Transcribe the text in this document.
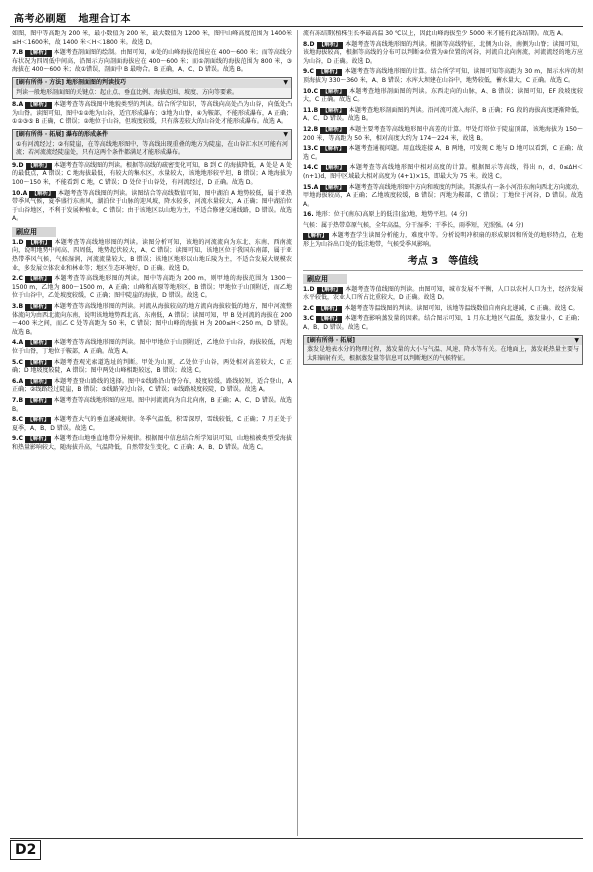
高考必刷题 地理合订本
如图，图中等高距为 200 米，最小数值为 200 米，最大数值为 1200 米，图中山峰高度范围为 1400米≤H＜1600米，故 1400 米＜H＜1800 米。故选 D。
7.B 【解析】 本题考查剖面图的绘制。由图可知，④处的山峰海拔范围应在 400～600 米；而等高线分布状况为四周低中间高，沿图示方向剖面海拔应在 400～600 米；而①剖面线的海拔范围为 800 米，③海拔在 400～600 米；故①错误，剖面中 B 最吻合。B 正确，A、C、D 错误。故选 B。
[刷有所得 · 方法] 地形剖面图的判读技巧	▼
判读一般地形剖面图的关键点：起止点、垂直比例、海拔范围、坡度、方向等要素。
8.A 【解析】 本题考查等高线图中地貌类型的判读。结合所学知识，等高线向高处凸为山谷，向低处凸为山脊。读图可知，图中①②地为山谷，适宜形成瀑布；③地为山脊，④为鞍部，不能形成瀑布，A 正确；①②③⑤ B 正确，C 错误；②地位于山谷，但坡度较缓，只有落差较大的山谷处才能形成瀑布。故选 A。
[刷有所得 · 拓展] 瀑布的形成条件	▼
①有河流经过；②有陡崖，在等高线地形图中，等高线出现重叠的地方为陡崖，在山谷汇水区可能有河流；若河流流经陡崖处，只有这两个条件都满足才能形成瀑布。
9.D 【解析】 本题考查等高线图的判读。根据等高线的疏密变化可知，B 到 C 的海拔降低，A 处是 A 处的最低点，A 错误；C 地海拔最低，有较大的集水区，水量较大，该地地形较平坦，B 错误；A 地海拔为 100～150 米，不能看到 C 地，C 错误；D 处位于山谷处，有河流经过，D 正确。故选 D。
10.A 【解析】 本题考查等高线图的判读。读图结合等高线数值可知，图中湖泊 A 地势较低，属于亚热带季风气候，夏季盛行东南风，湖泊位于山脉的迎风坡，降水较多，河流水量较大，A 正确；图中湖泊位于山谷地区，不利于发展种植业，C 错误；由于该地区以山地为主，不适合修建交通线路，D 错误。故选 A。
刷应用
1.D 【解析】 本题考查等高线地形图的判读。读图分析可知，该地的河流流向为东北、东南、西南流向，说明地势中间高、四周低，地势起伏较大，A、C 错误；读图可知，该地区位于我国东南部，属于亚热带季风气候，气候湿润，河流流量较大，B 错误；该地区地形以山地丘陵为主，不适合发展大规模农业，多发展立体农业和林业等；地区生态环境好，D 正确。故选 D。
2.C 【解析】 本题考查等高线地形图的判读。图中等高距为 200 m，则甲地的海拔范围为 1300～1500 m，乙地为 800～1500 m，A 正确；山峰和高原等地形区，B 错误；甲地位于山顶附近，而乙地位于山谷中，乙处坡度较缓，C 正确；图中陡崖的海拔，D 错误。故选 C。
3.B 【解析】 本题考查等高线地形图的判读。河流从海拔较高的地方流向海拔较低的地方，图中河流整体流向为由西北流向东南，说明该地地势西北高、东南低，A 错误；读图可知，甲 B 处河流的海拔在 200～400 米之间，而乙 C 处等高距为 50 米，C 错误；图中山峰的海拔 H 为 200≤H＜250 m，D 错误。故选 B。
4.A 【解析】 本题考查等高线地形图的判读。图中甲地位于山顶附近，乙地位于山谷，海拔较低，丙地位于山脊，丁地位于鞍部，A 正确。故选 A。
5.C 【解析】 本题考查观光索道选址的判断。甲处为山顶，乙处位于山谷，两处相对高差较大，C 正确；D 地坡度较陡，A 错误；图中两处山峰相距较远，B 错误；故选 C。
6.A 【解析】 本题考查登山路线的选择。图中①线路沿山脊分布，坡度较缓，路线较短，适合登山，A 正确；②线路经过陡崖，B 错误；③线路穿过山谷，C 错误；④线路坡度较陡，D 错误。故选 A。
7.B 【解析】 本题考查等高线地形图的应用。图中河流流向为自北向南，B 正确；A、C、D 错误。故选 B。
8.C 【解析】 本题考查大气的垂直递减规律。冬季气温低，积雪深厚，雪线较低，C 正确；7 月正处于夏季，A、B、D 错误。故选 C。
9.C 【解析】 本题考查山地垂直地带分异规律。根据图中信息结合所学知识可知，山地植被类型受海拔和热量影响较大，随海拔升高，气温降低，自然带发生变化，C 正确；A、B、D 错误。故选 C。
流有冻结期(植株生长季最高温 30 ℃以上，因此山峰海拔至少 5000 米才能有此冻结期)。故选 A。
8.D 【解析】 本题考查等高线地形图的判读。根据等高线特征，北侧为山谷，南侧为山脊；读图可知，该地海拔较高，根据等高线的分布可以判断②位置为④位置的河谷，河流自北向南流，河流流经的地方应为山谷，D 正确。故选 D。
9.C 【解析】 本题考查等高线地形图的计算。结合所学可知，读图可知等高距为 30 m，图示水库的坝顶海拔为 330～360 米，A、B 错误；水库大坝建在山谷中，地势较低，蓄水量大，C 正确。故选 C。
10.C 【解析】 本题考查地形剖面图的判读。东西走向的山脉，A、B 错误；读图可知，EF 段坡度较大，C 正确。故选 C。
11.B 【解析】 本题考查地形剖面图的判读。沿河流可流入海洋，B 正确；FG 段的海拔高度逐渐降低，A、C、D 错误。故选 B。
12.B 【解析】 本题主要考查等高线地形图中高差的计算。甲处灯塔位于陡崖顶部，该地海拔为 150～200 米，等高距为 50 米，相对高度大约为 174～224 米，故选 B。
13.C 【解析】 本题考查通视问题。用直线连接 A、B 两地，可发现 C 地与 D 地可以看到，C 正确；故选 C。
14.C 【解析】 本题考查等高线地形图中相对高度的计算。根据图示等高线，得出 n，d、0≤ΔH＜(n+1)d，图中区域最大相对高度为 (4+1)×15，即最大为 75 米。故选 C。
15.A 【解析】 本题考查等高线地形图中方向和坡度的判读。其源头有一条小河沿东南向西北方向流动，甲地海拔较高，A 正确；乙地坡度较缓，B 错误；丙地为鞍部，C 错误；丁地位于河谷，D 错误。故选 A。
16. 地形：位于(南东)高原上的低洼(盆)地，地势平坦。(4 分)
气候：属于热带草原气候，全年高温，分干湿季；干季长，雨季短，光照强。(4 分)
【解析】 本题考查学生读图分析能力，难度中等。分析说明冲积扇的形成原因和所处的地形特点，在地形上为山谷出口处的低洼地带，气候受季风影响。
考点 3　等值线
刷应用
1.D 【解析】 本题考查等值线图的判读。由图可知，城市发展不平衡，人口以农村人口为主，经济发展水平较低，农业人口所占比重较大，D 正确。故选 D。
2.C 【解析】 本题考查等温线图的判读。读图可知，该地等温线数值自南向北递减，C 正确。故选 C。
3.C 【解析】 本题考查影响蒸发量的因素。结合图示可知，1 月东北地区气温低，蒸发量小，C 正确；A、B、D 错误。故选 C。
[刷有所得 · 拓展]	▼
蒸发是地表水分的物理过程，蒸发量的大小与气温、风速、降水等有关。在地面上，蒸发耗热量主要与太阳辐射有关，根据蒸发量等信息可以判断地区的气候特征。
D2
